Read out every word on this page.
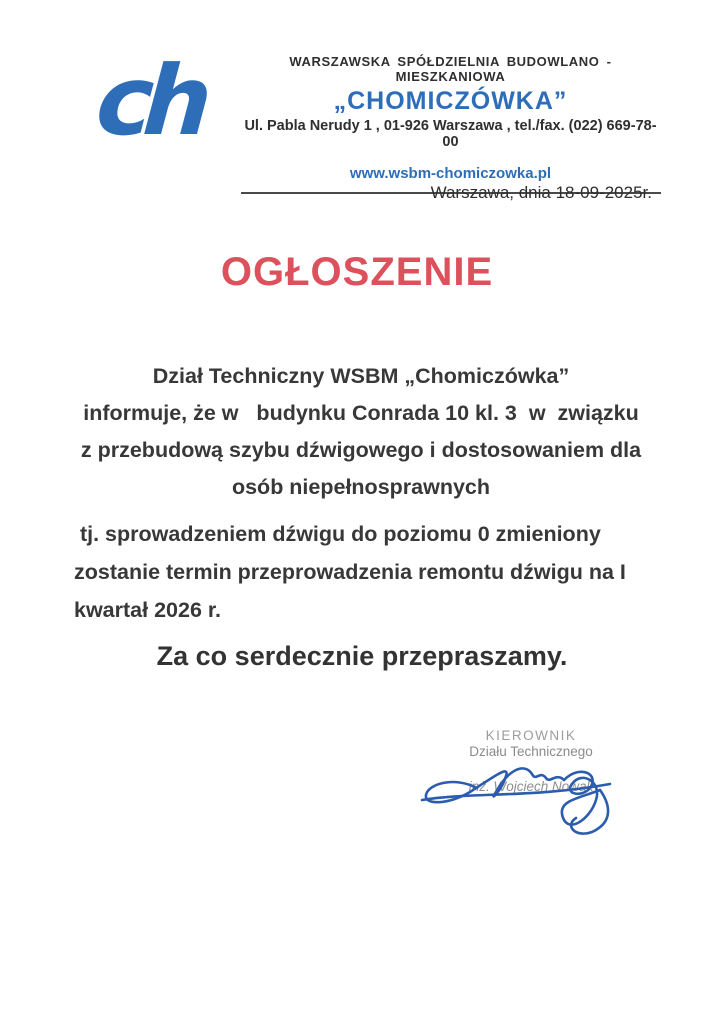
ch	WARSZAWSKA SPÓŁDZIELNIA BUDOWLANO - MIESZKANIOWA
„CHOMICZÓWKA”
Ul. Pabla Nerudy 1 , 01-926 Warszawa , tel./fax. (022) 669-78-00
www.wsbm-chomiczowka.pl
Warszawa, dnia 18-09-2025r.
OGŁOSZENIE
Dział Techniczny WSBM „Chomiczówka”
informuje, że w   budynku Conrada 10 kl. 3  w  związku
z przebudową szybu dźwigowego i dostosowaniem dla
osób niepełnosprawnych
tj. sprowadzeniem dźwigu do poziomu 0 zmieniony
zostanie termin przeprowadzenia remontu dźwigu na I
kwartał 2026 r.
Za co serdecznie przepraszamy.
KIEROWNIK
Działu Technicznego
inż. Wojciech Nowak
